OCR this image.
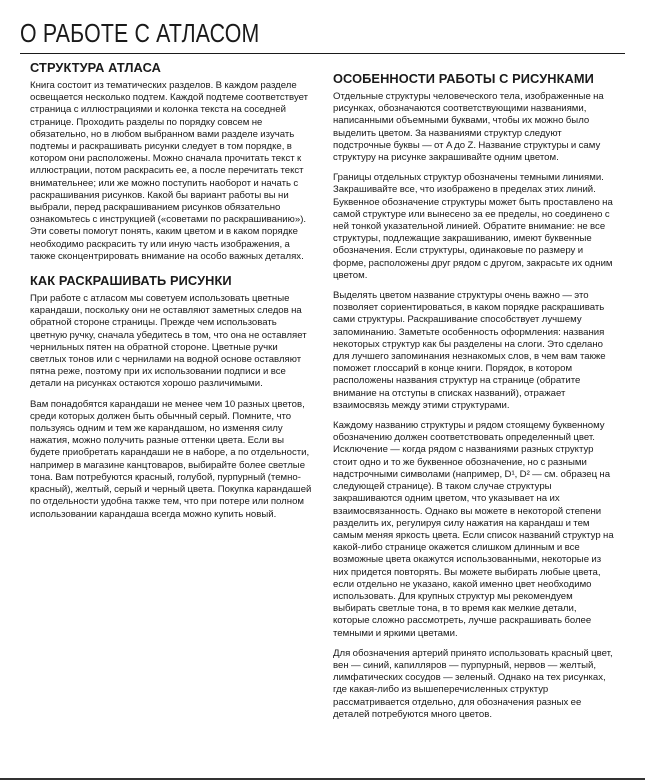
О РАБОТЕ С АТЛАСОМ
СТРУКТУРА АТЛАСА

Книга состоит из тематических разделов. В каждом разделе освещается несколько подтем. Каждой подтеме соответствует страница с иллюстрациями и колонка текста на соседней странице. Проходить разделы по порядку совсем не обязательно, но в любом выбранном вами разделе изучать подтемы и раскрашивать рисунки следует в том порядке, в котором они расположены. Можно сначала прочитать текст к иллюстрации, потом раскрасить ее, а после перечитать текст внимательнее; или же можно поступить наоборот и начать с раскрашивания рисунков. Какой бы вариант работы вы ни выбрали, перед раскрашиванием рисунков обязательно ознакомьтесь с инструкцией («советами по раскрашиванию»). Эти советы помогут понять, каким цветом и в каком порядке необходимо раскрасить ту или иную часть изображения, а также сконцентрировать внимание на особо важных деталях.

КАК РАСКРАШИВАТЬ РИСУНКИ

При работе с атласом мы советуем использовать цветные карандаши, поскольку они не оставляют заметных следов на обратной стороне страницы. Прежде чем использовать цветную ручку, сначала убедитесь в том, что она не оставляет чернильных пятен на обратной стороне. Цветные ручки светлых тонов или с чернилами на водной основе оставляют пятна реже, поэтому при их использовании подписи и все детали на рисунках остаются хорошо различимыми.

Вам понадобятся карандаши не менее чем 10 разных цветов, среди которых должен быть обычный серый. Помните, что пользуясь одним и тем же карандашом, но изменяя силу нажатия, можно получить разные оттенки цвета. Если вы будете приобретать карандаши не в наборе, а по отдельности, например в магазине канцтоваров, выбирайте более светлые тона. Вам потребуются красный, голубой, пурпурный (темно-красный), желтый, серый и черный цвета. Покупка карандашей по отдельности удобна также тем, что при потере или полном использовании карандаша всегда можно купить новый.

ОСОБЕННОСТИ РАБОТЫ С РИСУНКАМИ

Отдельные структуры человеческого тела, изображенные на рисунках, обозначаются соответствующими названиями, написанными объемными буквами, чтобы их можно было выделить цветом. За названиями структур следуют подстрочные буквы — от A до Z. Название структуры и саму структуру на рисунке закрашивайте одним цветом.

Границы отдельных структур обозначены темными линиями. Закрашивайте все, что изображено в пределах этих линий. Буквенное обозначение структуры может быть проставлено на самой структуре или вынесено за ее пределы, но соединено с ней тонкой указательной линией. Обратите внимание: не все структуры, подлежащие закрашиванию, имеют буквенные обозначения. Если структуры, одинаковые по размеру и форме, расположены друг рядом с другом, закрасьте их одним цветом.

Выделять цветом название структуры очень важно — это позволяет сориентироваться, в каком порядке раскрашивать сами структуры. Раскрашивание способствует лучшему запоминанию. Заметьте особенность оформления: названия некоторых структур как бы разделены на слоги. Это сделано для лучшего запоминания незнакомых слов, в чем вам также поможет глоссарий в конце книги. Порядок, в котором расположены названия структур на странице (обратите внимание на отступы в списках названий), отражает взаимосвязь между этими структурами.

Каждому названию структуры и рядом стоящему буквенному обозначению должен соответствовать определенный цвет. Исключение — когда рядом с названиями разных структур стоит одно и то же буквенное обозначение, но с разными надстрочными символами (например, D¹, D² — см. образец на следующей странице). В таком случае структуры закрашиваются одним цветом, что указывает на их взаимосвязанность. Однако вы можете в некоторой степени разделить их, регулируя силу нажатия на карандаш и тем самым меняя яркость цвета. Если список названий структур на какой-либо странице окажется слишком длинным и все возможные цвета окажутся использованными, некоторые из них придется повторять. Вы можете выбирать любые цвета, если отдельно не указано, какой именно цвет необходимо использовать. Для крупных структур мы рекомендуем выбирать светлые тона, в то время как мелкие детали, которые сложно рассмотреть, лучше раскрашивать более темными и яркими цветами.

Для обозначения артерий принято использовать красный цвет, вен — синий, капилляров — пурпурный, нервов — желтый, лимфатических сосудов — зеленый. Однако на тех рисунках, где какая-либо из вышеперечисленных структур рассматривается отдельно, для обозначения разных ее деталей потребуются много цветов.
